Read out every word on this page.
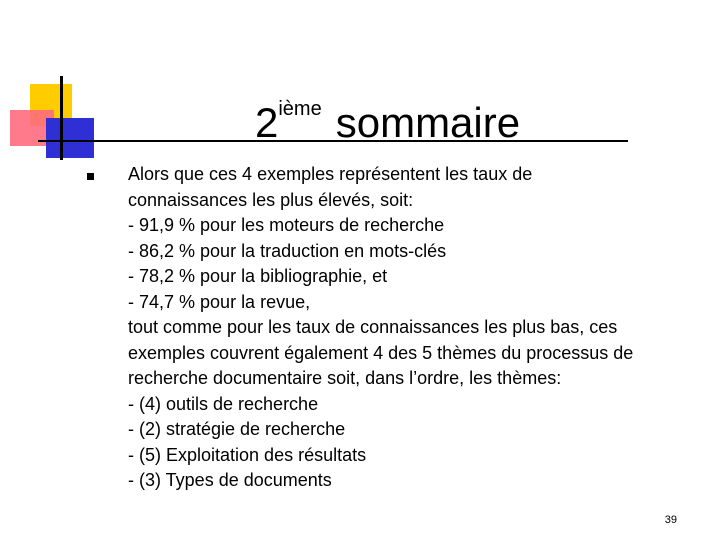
2ième sommaire
Alors que ces 4 exemples représentent les taux de
connaissances les plus élevés, soit:
- 91,9 % pour les moteurs de recherche
- 86,2 % pour la traduction en mots-clés
- 78,2 % pour la bibliographie, et
- 74,7 % pour la revue,
tout comme pour les taux de connaissances les plus bas, ces
exemples couvrent également 4 des 5 thèmes du processus de
recherche documentaire soit, dans l’ordre, les thèmes:
- (4) outils de recherche
- (2) stratégie de recherche
- (5) Exploitation des résultats
- (3) Types de documents
39
